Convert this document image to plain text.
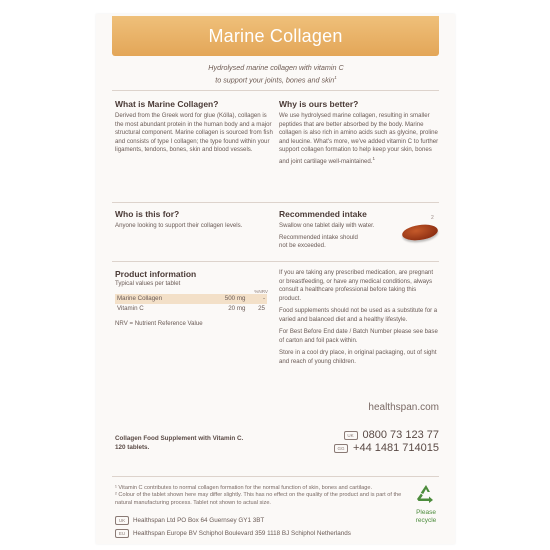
Marine Collagen
Hydrolysed marine collagen with vitamin C
to support your joints, bones and skin$^1$
What is Marine Collagen?
Derived from the Greek word for glue (Kólla), collagen is the most abundant protein in the human body and a major structural component. Marine collagen is sourced from fish and consists of type I collagen; the type found within your ligaments, tendons, bones, skin and blood vessels.
Why is ours better?
We use hydrolysed marine collagen, resulting in smaller peptides that are better absorbed by the body. Marine collagen is also rich in amino acids such as glycine, proline and leucine. What's more, we've added vitamin C to further support collagen formation to help keep your skin, bones and joint cartilage well-maintained.$^1$
Who is this for?
Anyone looking to support their collagen levels.
Recommended intake
Swallow one tablet daily with water.
Recommended intake should not be exceeded.
2
Product information
Typical values per tablet
%NRV
Marine Collagen	500 mg	-
Vitamin C	20 mg	25
NRV = Nutrient Reference Value
If you are taking any prescribed medication, are pregnant or breastfeeding, or have any medical conditions, always consult a healthcare professional before taking this product.
Food supplements should not be used as a substitute for a varied and balanced diet and a healthy lifestyle.
For Best Before End date / Batch Number please see base of carton and foil pack within.
Store in a cool dry place, in original packaging, out of sight and reach of young children.
healthspan.com
UK 0800 73 123 77
GG +44 1481 714015
Collagen Food Supplement with Vitamin C.
120 tablets.
¹ Vitamin C contributes to normal collagen formation for the normal function of skin, bones and cartilage.
² Colour of the tablet shown here may differ slightly. This has no effect on the quality of the product and is part of the natural manufacturing process. Tablet not shown to actual size.
UK	Healthspan Ltd PO Box 64 Guernsey GY1 3BT
EU	Healthspan Europe BV Schiphol Boulevard 359 1118 BJ Schiphol Netherlands
Please
recycle
